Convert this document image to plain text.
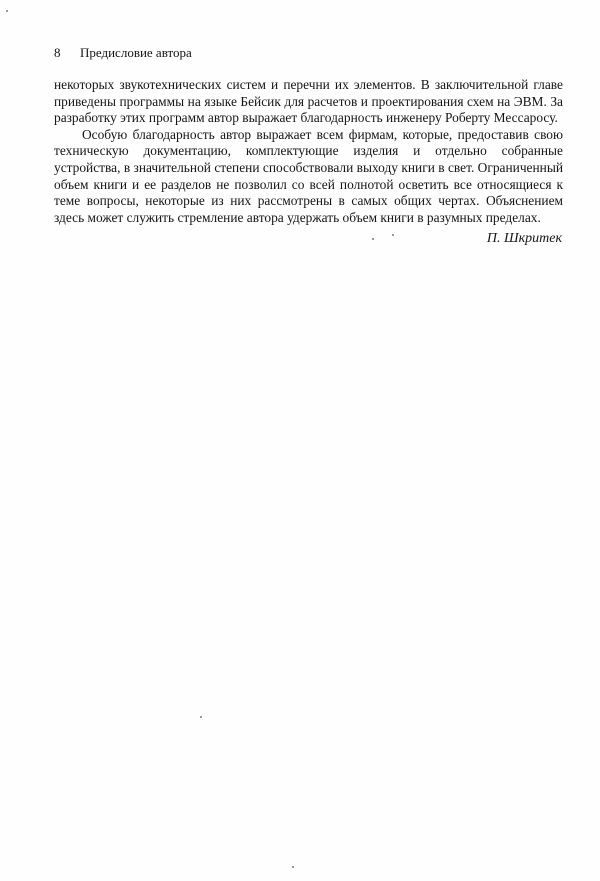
8 Предисловие автора

некоторых звукотехнических систем и перечни их элементов. В заключительной главе приведены программы на языке Бейсик для расчетов и проектирования схем на ЭВМ. За разработку этих программ автор выражает благодарность инженеру Роберту Мессаросу.

Особую благодарность автор выражает всем фирмам, которые, предоставив свою техническую документацию, комплектующие изделия и отдельно собранные устройства, в значительной степени способствовали выходу книги в свет. Ограниченный объем книги и ее разделов не позволил со всей полнотой осветить все относящиеся к теме вопросы, некоторые из них рассмотрены в самых общих чертах. Объяснением здесь может служить стремление автора удержать объем книги в разумных пределах.

П. Шкритек
